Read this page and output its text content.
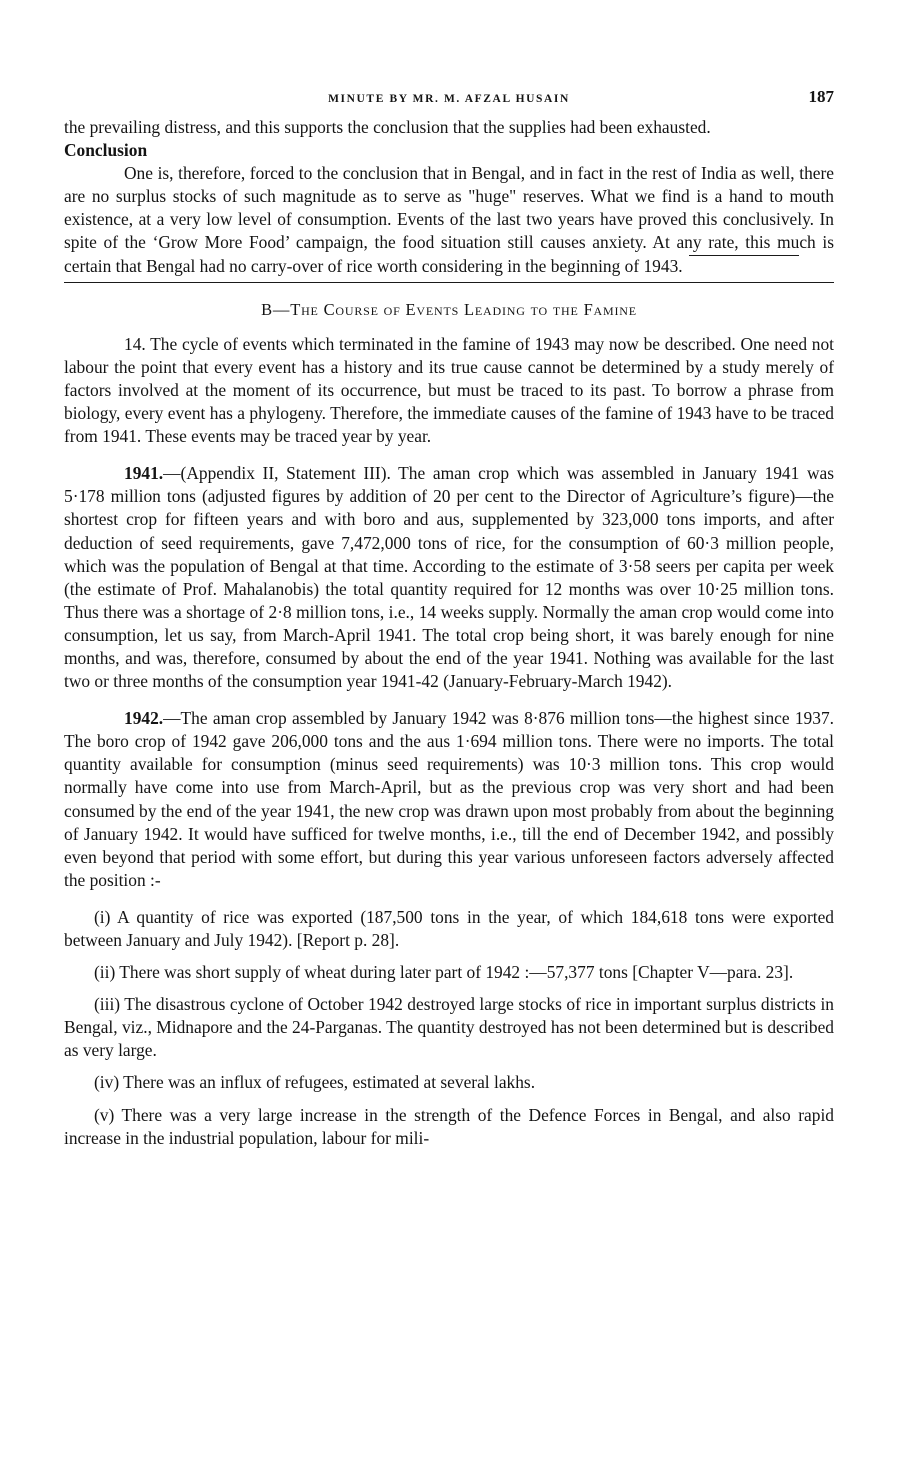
MINUTE BY MR. M. AFZAL HUSAIN	187

the prevailing distress, and this supports the conclusion that the supplies had been exhausted.

Conclusion

One is, therefore, forced to the conclusion that in Bengal, and in fact in the rest of India as well, there are no surplus stocks of such magnitude as to serve as "huge" reserves. What we find is a hand to mouth existence, at a very low level of consumption. Events of the last two years have proved this conclusively. In spite of the ‘Grow More Food’ campaign, the food situation still causes anxiety. At any rate, this much is certain that Bengal had no carry-over of rice worth considering in the beginning of 1943.

B—The Course of Events Leading to the Famine

14. The cycle of events which terminated in the famine of 1943 may now be described. One need not labour the point that every event has a history and its true cause cannot be determined by a study merely of factors involved at the moment of its occurrence, but must be traced to its past. To borrow a phrase from biology, every event has a phylogeny. Therefore, the immediate causes of the famine of 1943 have to be traced from 1941. These events may be traced year by year.

1941.—(Appendix II, Statement III). The aman crop which was assembled in January 1941 was 5·178 million tons (adjusted figures by addition of 20 per cent to the Director of Agriculture’s figure)—the shortest crop for fifteen years and with boro and aus, supplemented by 323,000 tons imports, and after deduction of seed requirements, gave 7,472,000 tons of rice, for the consumption of 60·3 million people, which was the population of Bengal at that time. According to the estimate of 3·58 seers per capita per week (the estimate of Prof. Mahalanobis) the total quantity required for 12 months was over 10·25 million tons. Thus there was a shortage of 2·8 million tons, i.e., 14 weeks supply. Normally the aman crop would come into consumption, let us say, from March-April 1941. The total crop being short, it was barely enough for nine months, and was, therefore, consumed by about the end of the year 1941. Nothing was available for the last two or three months of the consumption year 1941-42 (January-February-March 1942).

1942.—The aman crop assembled by January 1942 was 8·876 million tons—the highest since 1937. The boro crop of 1942 gave 206,000 tons and the aus 1·694 million tons. There were no imports. The total quantity available for consumption (minus seed requirements) was 10·3 million tons. This crop would normally have come into use from March-April, but as the previous crop was very short and had been consumed by the end of the year 1941, the new crop was drawn upon most probably from about the beginning of January 1942. It would have sufficed for twelve months, i.e., till the end of December 1942, and possibly even beyond that period with some effort, but during this year various unforeseen factors adversely affected the position :-

(i) A quantity of rice was exported (187,500 tons in the year, of which 184,618 tons were exported between January and July 1942). [Report p. 28].

(ii) There was short supply of wheat during later part of 1942 :—57,377 tons [Chapter V—para. 23].

(iii) The disastrous cyclone of October 1942 destroyed large stocks of rice in important surplus districts in Bengal, viz., Midnapore and the 24-Parganas. The quantity destroyed has not been determined but is described as very large.

(iv) There was an influx of refugees, estimated at several lakhs.

(v) There was a very large increase in the strength of the Defence Forces in Bengal, and also rapid increase in the industrial population, labour for mili-
